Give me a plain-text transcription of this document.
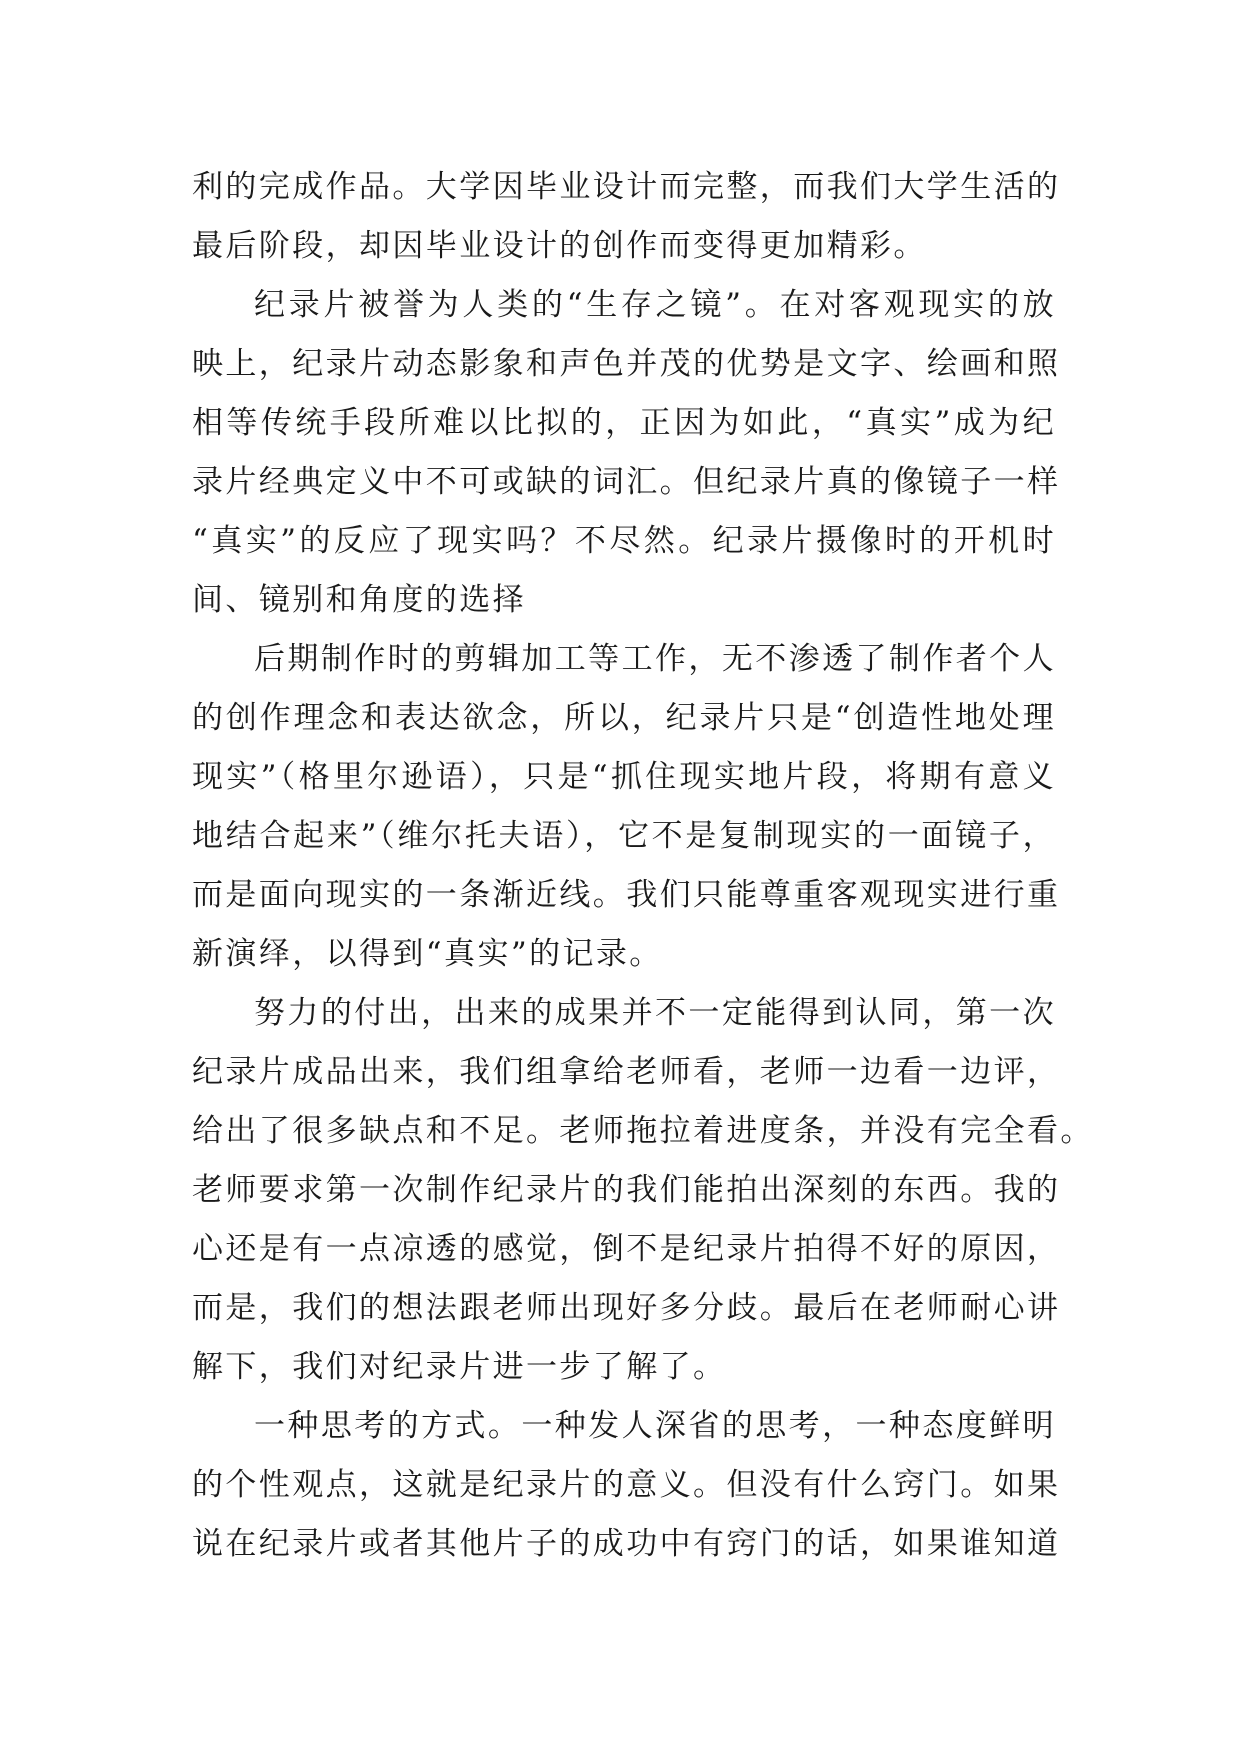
利的完成作品。大学因毕业设计而完整，而我们大学生活的
最后阶段，却因毕业设计的创作而变得更加精彩。
纪录片被誉为人类的“生存之镜”。在对客观现实的放
映上，纪录片动态影象和声色并茂的优势是文字、绘画和照
相等传统手段所难以比拟的，正因为如此，“真实”成为纪
录片经典定义中不可或缺的词汇。但纪录片真的像镜子一样
“真实”的反应了现实吗？不尽然。纪录片摄像时的开机时
间、镜别和角度的选择
后期制作时的剪辑加工等工作，无不渗透了制作者个人
的创作理念和表达欲念，所以，纪录片只是“创造性地处理
现实”（格里尔逊语），只是“抓住现实地片段，将期有意义
地结合起来”（维尔托夫语），它不是复制现实的一面镜子，
而是面向现实的一条渐近线。我们只能尊重客观现实进行重
新演绎，以得到“真实”的记录。
努力的付出，出来的成果并不一定能得到认同，第一次
纪录片成品出来，我们组拿给老师看，老师一边看一边评，
给出了很多缺点和不足。老师拖拉着进度条，并没有完全看。
老师要求第一次制作纪录片的我们能拍出深刻的东西。我的
心还是有一点凉透的感觉，倒不是纪录片拍得不好的原因，
而是，我们的想法跟老师出现好多分歧。最后在老师耐心讲
解下，我们对纪录片进一步了解了。
一种思考的方式。一种发人深省的思考，一种态度鲜明
的个性观点，这就是纪录片的意义。但没有什么窍门。如果
说在纪录片或者其他片子的成功中有窍门的话，如果谁知道
